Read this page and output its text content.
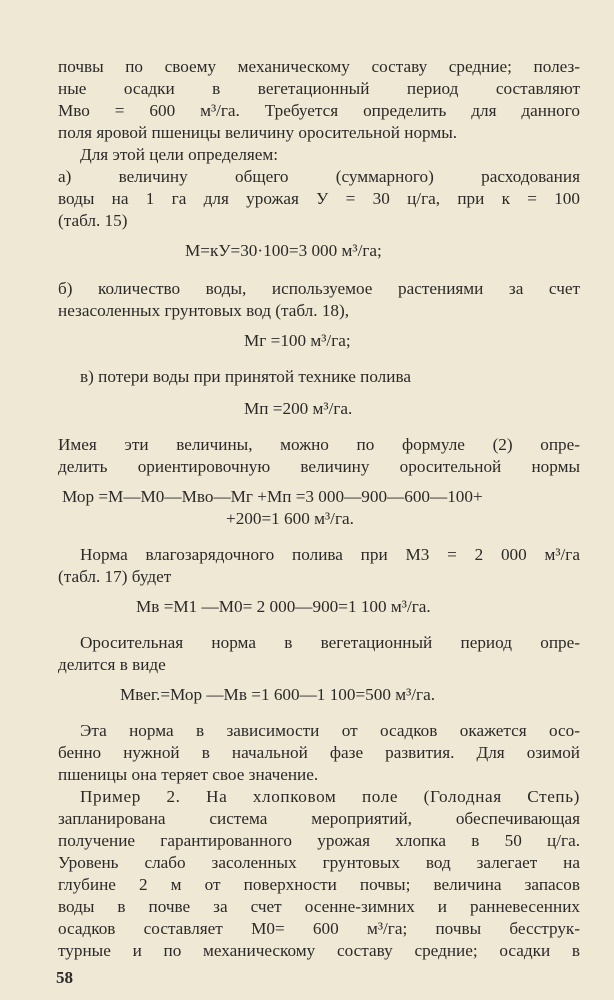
почвы по своему механическому составу средние; полез-
ные осадки в вегетационный период составляют
Мво = 600 м³/га. Требуется определить для данного
поля яровой пшеницы величину оросительной нормы.
Для этой цели определяем:
а) величину общего (суммарного) расходования
воды на 1 га для урожая У = 30 ц/га, при к = 100
(табл. 15)
М=кУ=30·100=3 000 м³/га;
б) количество воды, используемое растениями за счет
незасоленных грунтовых вод (табл. 18),
Мг =100 м³/га;
в) потери воды при принятой технике полива
Мп =200 м³/га.
Имея эти величины, можно по формуле (2) опре-
делить ориентировочную величину оросительной нормы
Мор =М—М0—Мво—Мг +Мп =3 000—900—600—100+
+200=1 600 м³/га.
Норма влагозарядочного полива при М3 = 2 000 м³/га
(табл. 17) будет
Мв =М1 —М0= 2 000—900=1 100 м³/га.
Оросительная норма в вегетационный период опре-
делится в виде
Мвег.=Мор —Мв =1 600—1 100=500 м³/га.
Эта норма в зависимости от осадков окажется осо-
бенно нужной в начальной фазе развития. Для озимой
пшеницы она теряет свое значение.
Пример 2. На хлопковом поле (Голодная Степь)
запланирована система мероприятий, обеспечивающая
получение гарантированного урожая хлопка в 50 ц/га.
Уровень слабо засоленных грунтовых вод залегает на
глубине 2 м от поверхности почвы; величина запасов
воды в почве за счет осенне-зимних и ранневесенних
осадков составляет М0= 600 м³/га; почвы бесструк-
турные и по механическому составу средние; осадки в
58
